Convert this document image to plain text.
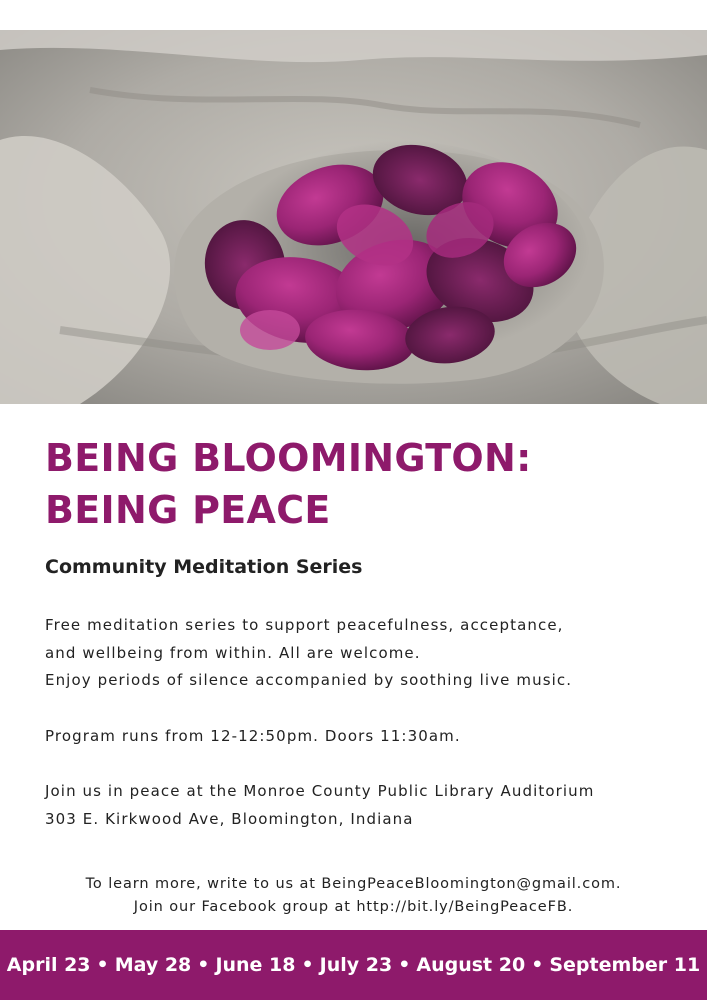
BEING BLOOMINGTON:
BEING PEACE
Community Meditation Series

Free meditation series to support peacefulness, acceptance,

and wellbeing from within. All are welcome.

Enjoy periods of silence accompanied by soothing live music.

Program runs from 12-12:50pm. Doors 11:30am.

Join us in peace at the Monroe County Public Library Auditorium

303 E. Kirkwood Ave, Bloomington, Indiana

To learn more, write to us at BeingPeaceBloomington@gmail.com.

Join our Facebook group at http://bit.ly/BeingPeaceFB.

April 23 • May 28 • June 18 • July 23 • August 20 • September 11
